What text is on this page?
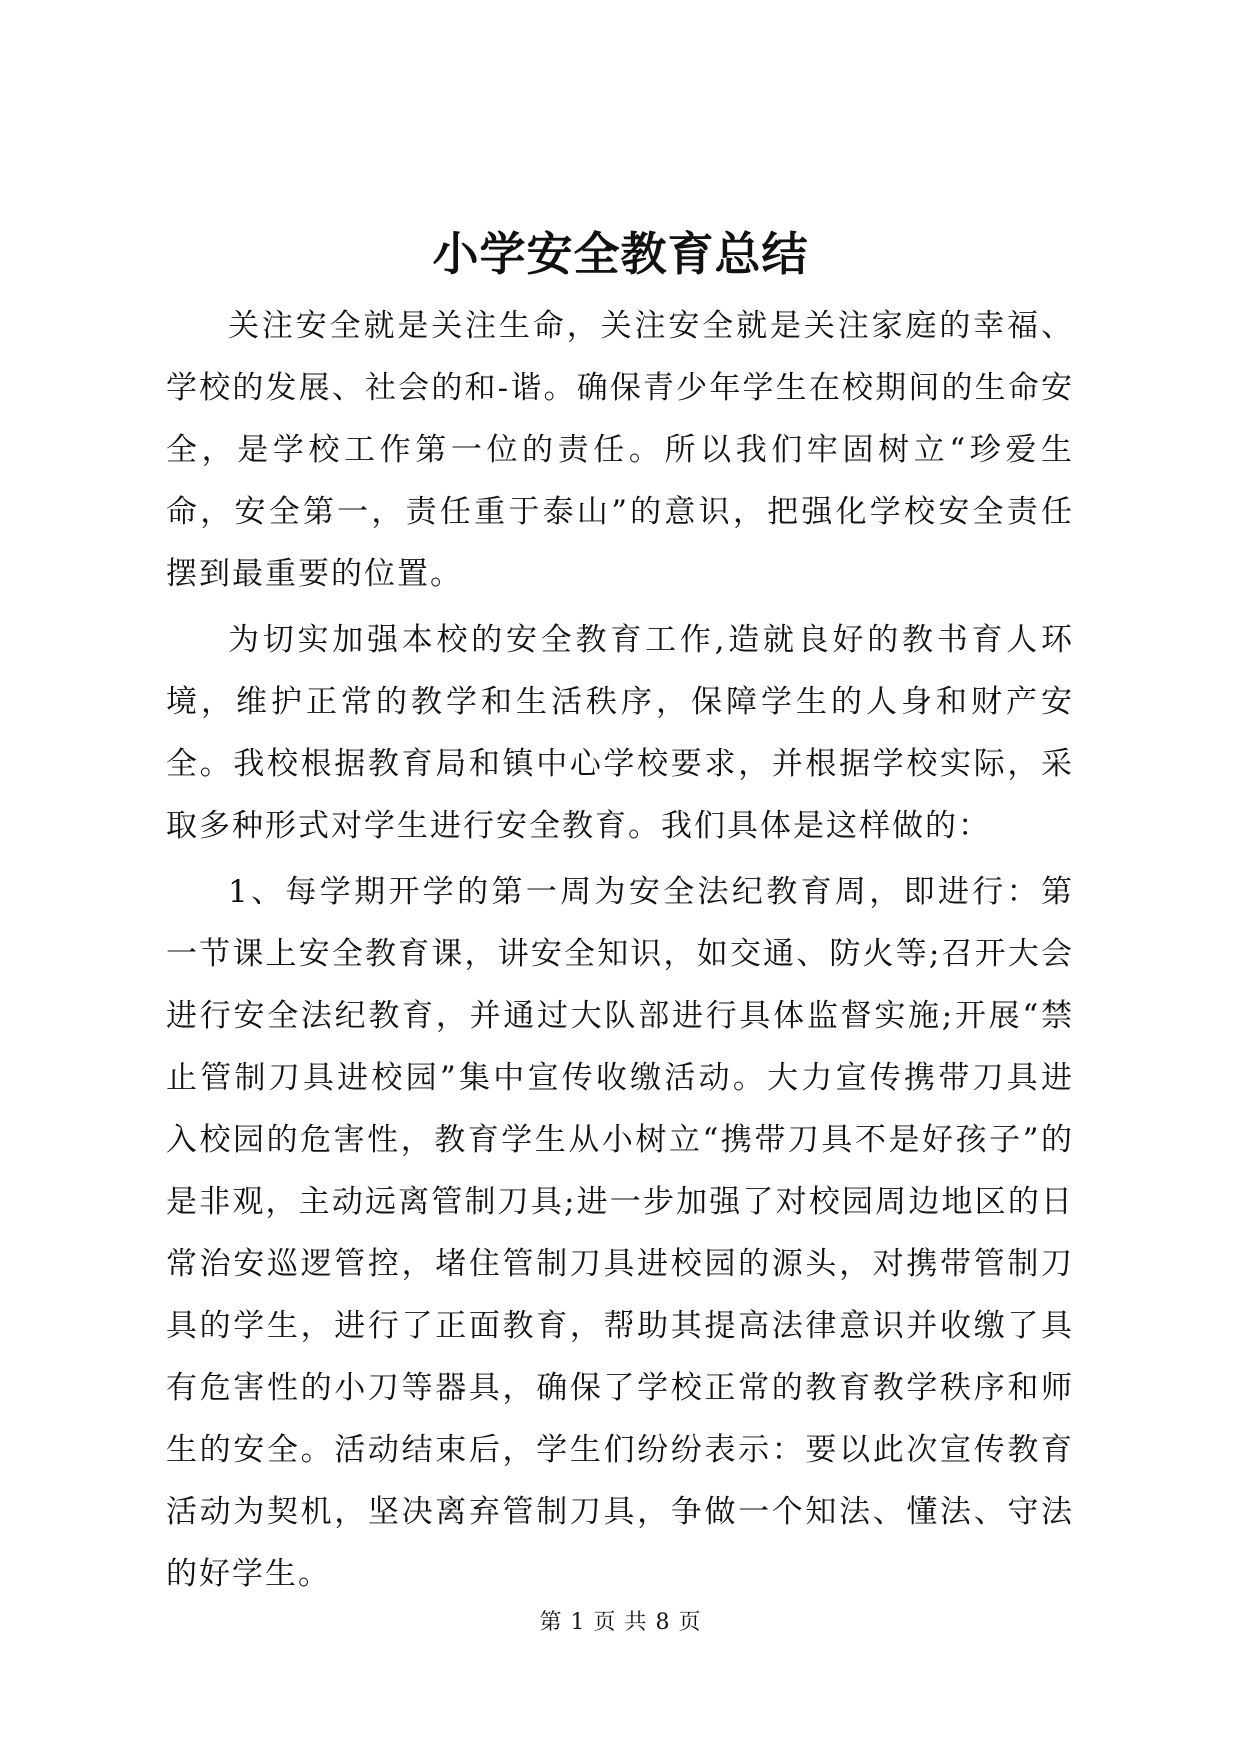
小学安全教育总结

关注安全就是关注生命，关注安全就是关注家庭的幸福、学校的发展、社会的和-谐。确保青少年学生在校期间的生命安全，是学校工作第一位的责任。所以我们牢固树立“珍爱生命，安全第一，责任重于泰山”的意识，把强化学校安全责任摆到最重要的位置。

为切实加强本校的安全教育工作,造就良好的教书育人环境，维护正常的教学和生活秩序，保障学生的人身和财产安全。我校根据教育局和镇中心学校要求，并根据学校实际，采取多种形式对学生进行安全教育。我们具体是这样做的：

1、每学期开学的第一周为安全法纪教育周，即进行：第一节课上安全教育课，讲安全知识，如交通、防火等;召开大会进行安全法纪教育，并通过大队部进行具体监督实施;开展“禁止管制刀具进校园”集中宣传收缴活动。大力宣传携带刀具进入校园的危害性，教育学生从小树立“携带刀具不是好孩子”的是非观，主动远离管制刀具;进一步加强了对校园周边地区的日常治安巡逻管控，堵住管制刀具进校园的源头，对携带管制刀具的学生，进行了正面教育，帮助其提高法律意识并收缴了具有危害性的小刀等器具，确保了学校正常的教育教学秩序和师生的安全。活动结束后，学生们纷纷表示：要以此次宣传教育活动为契机，坚决离弃管制刀具，争做一个知法、懂法、守法的好学生。

第 1 页 共 8 页
